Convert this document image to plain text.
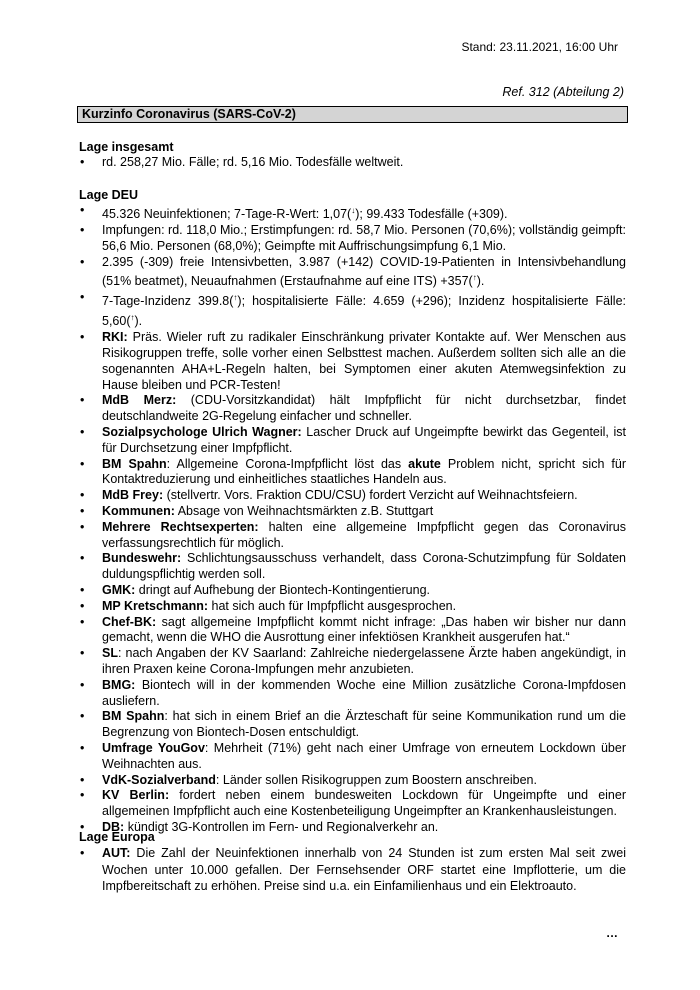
Stand: 23.11.2021, 16:00 Uhr
Ref. 312 (Abteilung 2)
Kurzinfo Coronavirus (SARS-CoV-2)
Lage insgesamt
• rd. 258,27 Mio. Fälle; rd. 5,16 Mio. Todesfälle weltweit.
Lage DEU
• 45.326 Neuinfektionen; 7-Tage-R-Wert: 1,07(↓); 99.433 Todesfälle (+309).
• Impfungen: rd. 118,0 Mio.; Erstimpfungen: rd. 58,7 Mio. Personen (70,6%); vollständig geimpft: 56,6 Mio. Personen (68,0%); Geimpfte mit Auffrischungsimpfung 6,1 Mio.
• 2.395 (-309) freie Intensivbetten, 3.987 (+142) COVID-19-Patienten in Intensivbehandlung (51% beatmet), Neuaufnahmen (Erstaufnahme auf eine ITS) +357(↑).
• 7-Tage-Inzidenz 399.8(↑); hospitalisierte Fälle: 4.659 (+296); Inzidenz hospitalisierte Fälle: 5,60(↑).
• RKI: Präs. Wieler ruft zu radikaler Einschränkung privater Kontakte auf. Wer Menschen aus Risikogruppen treffe, solle vorher einen Selbsttest machen. Außerdem sollten sich alle an die sogenannten AHA+L-Regeln halten, bei Symptomen einer akuten Atemwegsinfektion zu Hause bleiben und PCR-Testen!
• MdB Merz: (CDU-Vorsitzkandidat) hält Impfpflicht für nicht durchsetzbar, findet deutschlandweite 2G-Regelung einfacher und schneller.
• Sozialpsychologe Ulrich Wagner: Lascher Druck auf Ungeimpfte bewirkt das Gegenteil, ist für Durchsetzung einer Impfpflicht.
• BM Spahn: Allgemeine Corona-Impfpflicht löst das akute Problem nicht, spricht sich für Kontaktreduzierung und einheitliches staatliches Handeln aus.
• MdB Frey: (stellvertr. Vors. Fraktion CDU/CSU) fordert Verzicht auf Weihnachtsfeiern.
• Kommunen: Absage von Weihnachtsmärkten z.B. Stuttgart
• Mehrere Rechtsexperten: halten eine allgemeine Impfpflicht gegen das Coronavirus verfassungsrechtlich für möglich.
• Bundeswehr: Schlichtungsausschuss verhandelt, dass Corona-Schutzimpfung für Soldaten duldungspflichtig werden soll.
• GMK: dringt auf Aufhebung der Biontech-Kontingentierung.
• MP Kretschmann: hat sich auch für Impfpflicht ausgesprochen.
• Chef-BK: sagt allgemeine Impfpflicht kommt nicht infrage: „Das haben wir bisher nur dann gemacht, wenn die WHO die Ausrottung einer infektiösen Krankheit ausgerufen hat.“
• SL: nach Angaben der KV Saarland: Zahlreiche niedergelassene Ärzte haben angekündigt, in ihren Praxen keine Corona-Impfungen mehr anzubieten.
• BMG: Biontech will in der kommenden Woche eine Million zusätzliche Corona-Impfdosen ausliefern.
• BM Spahn: hat sich in einem Brief an die Ärzteschaft für seine Kommunikation rund um die Begrenzung von Biontech-Dosen entschuldigt.
• Umfrage YouGov: Mehrheit (71%) geht nach einer Umfrage von erneutem Lockdown über Weihnachten aus.
• VdK-Sozialverband: Länder sollen Risikogruppen zum Boostern anschreiben.
• KV Berlin: fordert neben einem bundesweiten Lockdown für Ungeimpfte und einer allgemeinen Impfpflicht auch eine Kostenbeteiligung Ungeimpfter an Krankenhausleistungen.
• DB: kündigt 3G-Kontrollen im Fern- und Regionalverkehr an.
Lage Europa
• AUT: Die Zahl der Neuinfektionen innerhalb von 24 Stunden ist zum ersten Mal seit zwei Wochen unter 10.000 gefallen. Der Fernsehsender ORF startet eine Impflotterie, um die Impfbereitschaft zu erhöhen. Preise sind u.a. ein Einfamilienhaus und ein Elektroauto.
...
